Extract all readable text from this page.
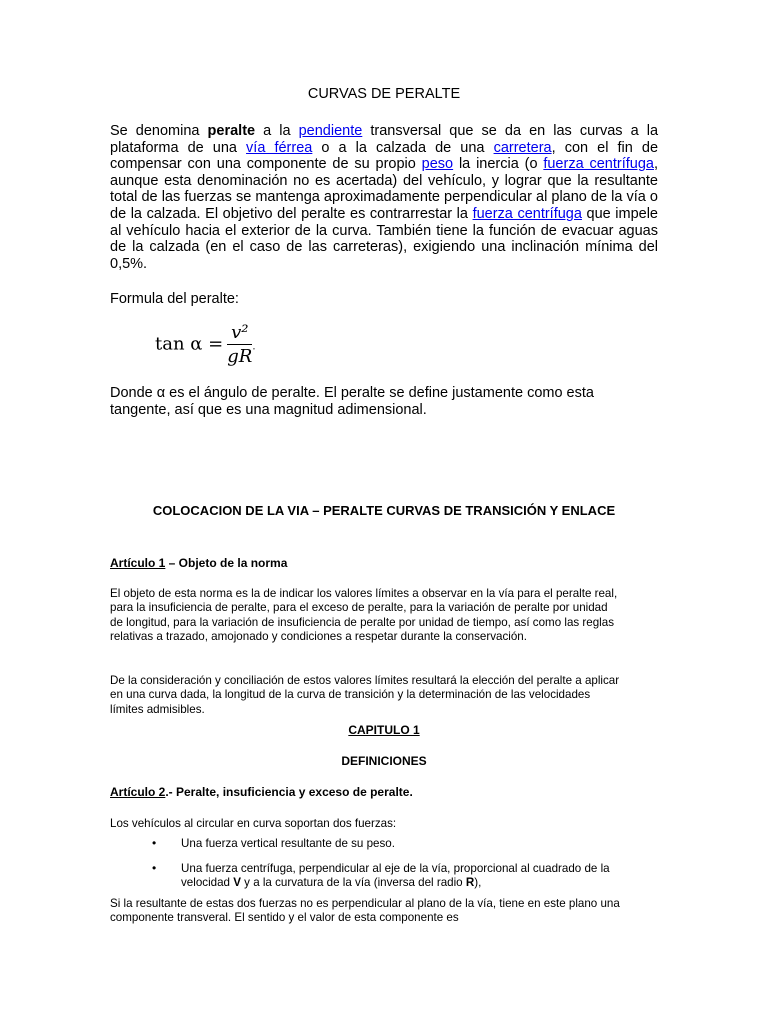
CURVAS DE PERALTE
Se denomina peralte a la pendiente transversal que se da en las curvas a la plataforma de una vía férrea o a la calzada de una carretera, con el fin de compensar con una componente de su propio peso la inercia (o fuerza centrífuga, aunque esta denominación no es acertada) del vehículo, y lograr que la resultante total de las fuerzas se mantenga aproximadamente perpendicular al plano de la vía o de la calzada. El objetivo del peralte es contrarrestar la fuerza centrífuga que impele al vehículo hacia el exterior de la curva. También tiene la función de evacuar aguas de la calzada (en el caso de las carreteras), exigiendo una inclinación mínima del 0,5%.
Formula del peralte:
$\tan \alpha = \frac{\text{v²}}{gR}$ .
Donde α es el ángulo de peralte. El peralte se define justamente como esta tangente, así que es una magnitud adimensional.
COLOCACION DE LA VIA – PERALTE CURVAS DE TRANSICIÓN Y ENLACE
Artículo 1 – Objeto de la norma
El objeto de esta norma es la de indicar los valores límites a observar en la vía para el peralte real, para la insuficiencia de peralte, para el exceso de peralte, para la variación de peralte por unidad de longitud, para la variación de insuficiencia de peralte por unidad de tiempo, así como las reglas relativas a trazado, amojonado y condiciones a respetar durante la conservación.
De la consideración y conciliación de estos valores límites resultará la elección del peralte a aplicar en una curva dada, la longitud de la curva de transición y la determinación de las velocidades límites admisibles.
CAPITULO 1
DEFINICIONES
Artículo 2.- Peralte, insuficiencia y exceso de peralte.
Los vehículos al circular en curva soportan dos fuerzas:
• Una fuerza vertical resultante de su peso.
• Una fuerza centrífuga, perpendicular al eje de la vía, proporcional al cuadrado de la velocidad V y a la curvatura de la vía (inversa del radio R),
Si la resultante de estas dos fuerzas no es perpendicular al plano de la vía, tiene en este plano una componente transveral. El sentido y el valor de esta componente es
